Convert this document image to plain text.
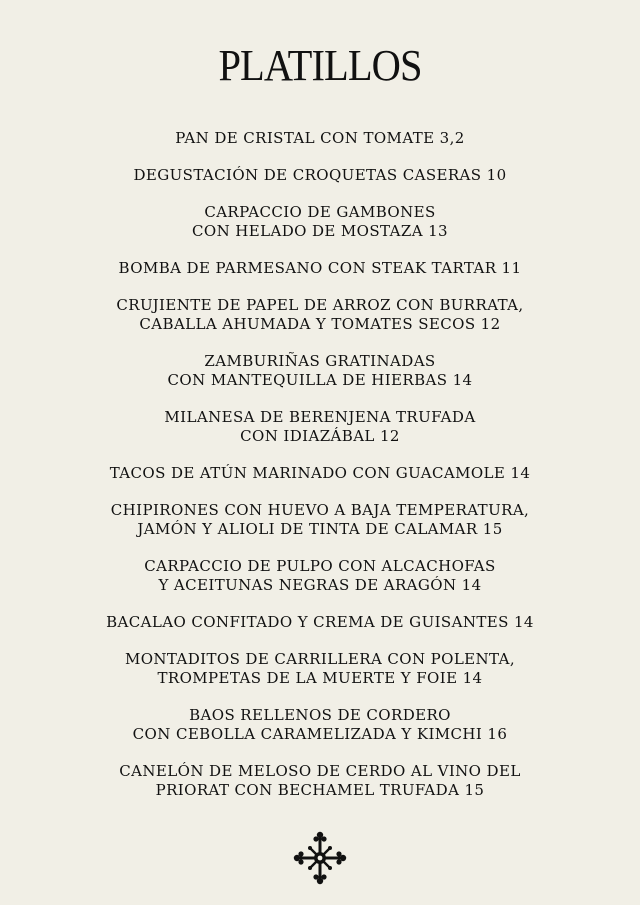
PLATILLOS
PAN DE CRISTAL CON TOMATE 3,2
DEGUSTACIÓN DE CROQUETAS CASERAS 10
CARPACCIO DE GAMBONES
CON HELADO DE MOSTAZA 13
BOMBA DE PARMESANO CON STEAK TARTAR 11
CRUJIENTE DE PAPEL DE ARROZ CON BURRATA,
CABALLA AHUMADA Y TOMATES SECOS 12
ZAMBURIÑAS GRATINADAS
CON MANTEQUILLA DE HIERBAS 14
MILANESA DE BERENJENA TRUFADA
CON IDIAZÁBAL 12
TACOS DE ATÚN MARINADO CON GUACAMOLE 14
CHIPIRONES CON HUEVO A BAJA TEMPERATURA,
JAMÓN Y ALIOLI DE TINTA DE CALAMAR 15
CARPACCIO DE PULPO CON ALCACHOFAS
Y ACEITUNAS NEGRAS DE ARAGÓN 14
BACALAO CONFITADO Y CREMA DE GUISANTES 14
MONTADITOS DE CARRILLERA CON POLENTA,
TROMPETAS DE LA MUERTE Y FOIE 14
BAOS RELLENOS DE CORDERO
CON CEBOLLA CARAMELIZADA Y KIMCHI 16
CANELÓN DE MELOSO DE CERDO AL VINO DEL
PRIORAT CON BECHAMEL TRUFADA 15
